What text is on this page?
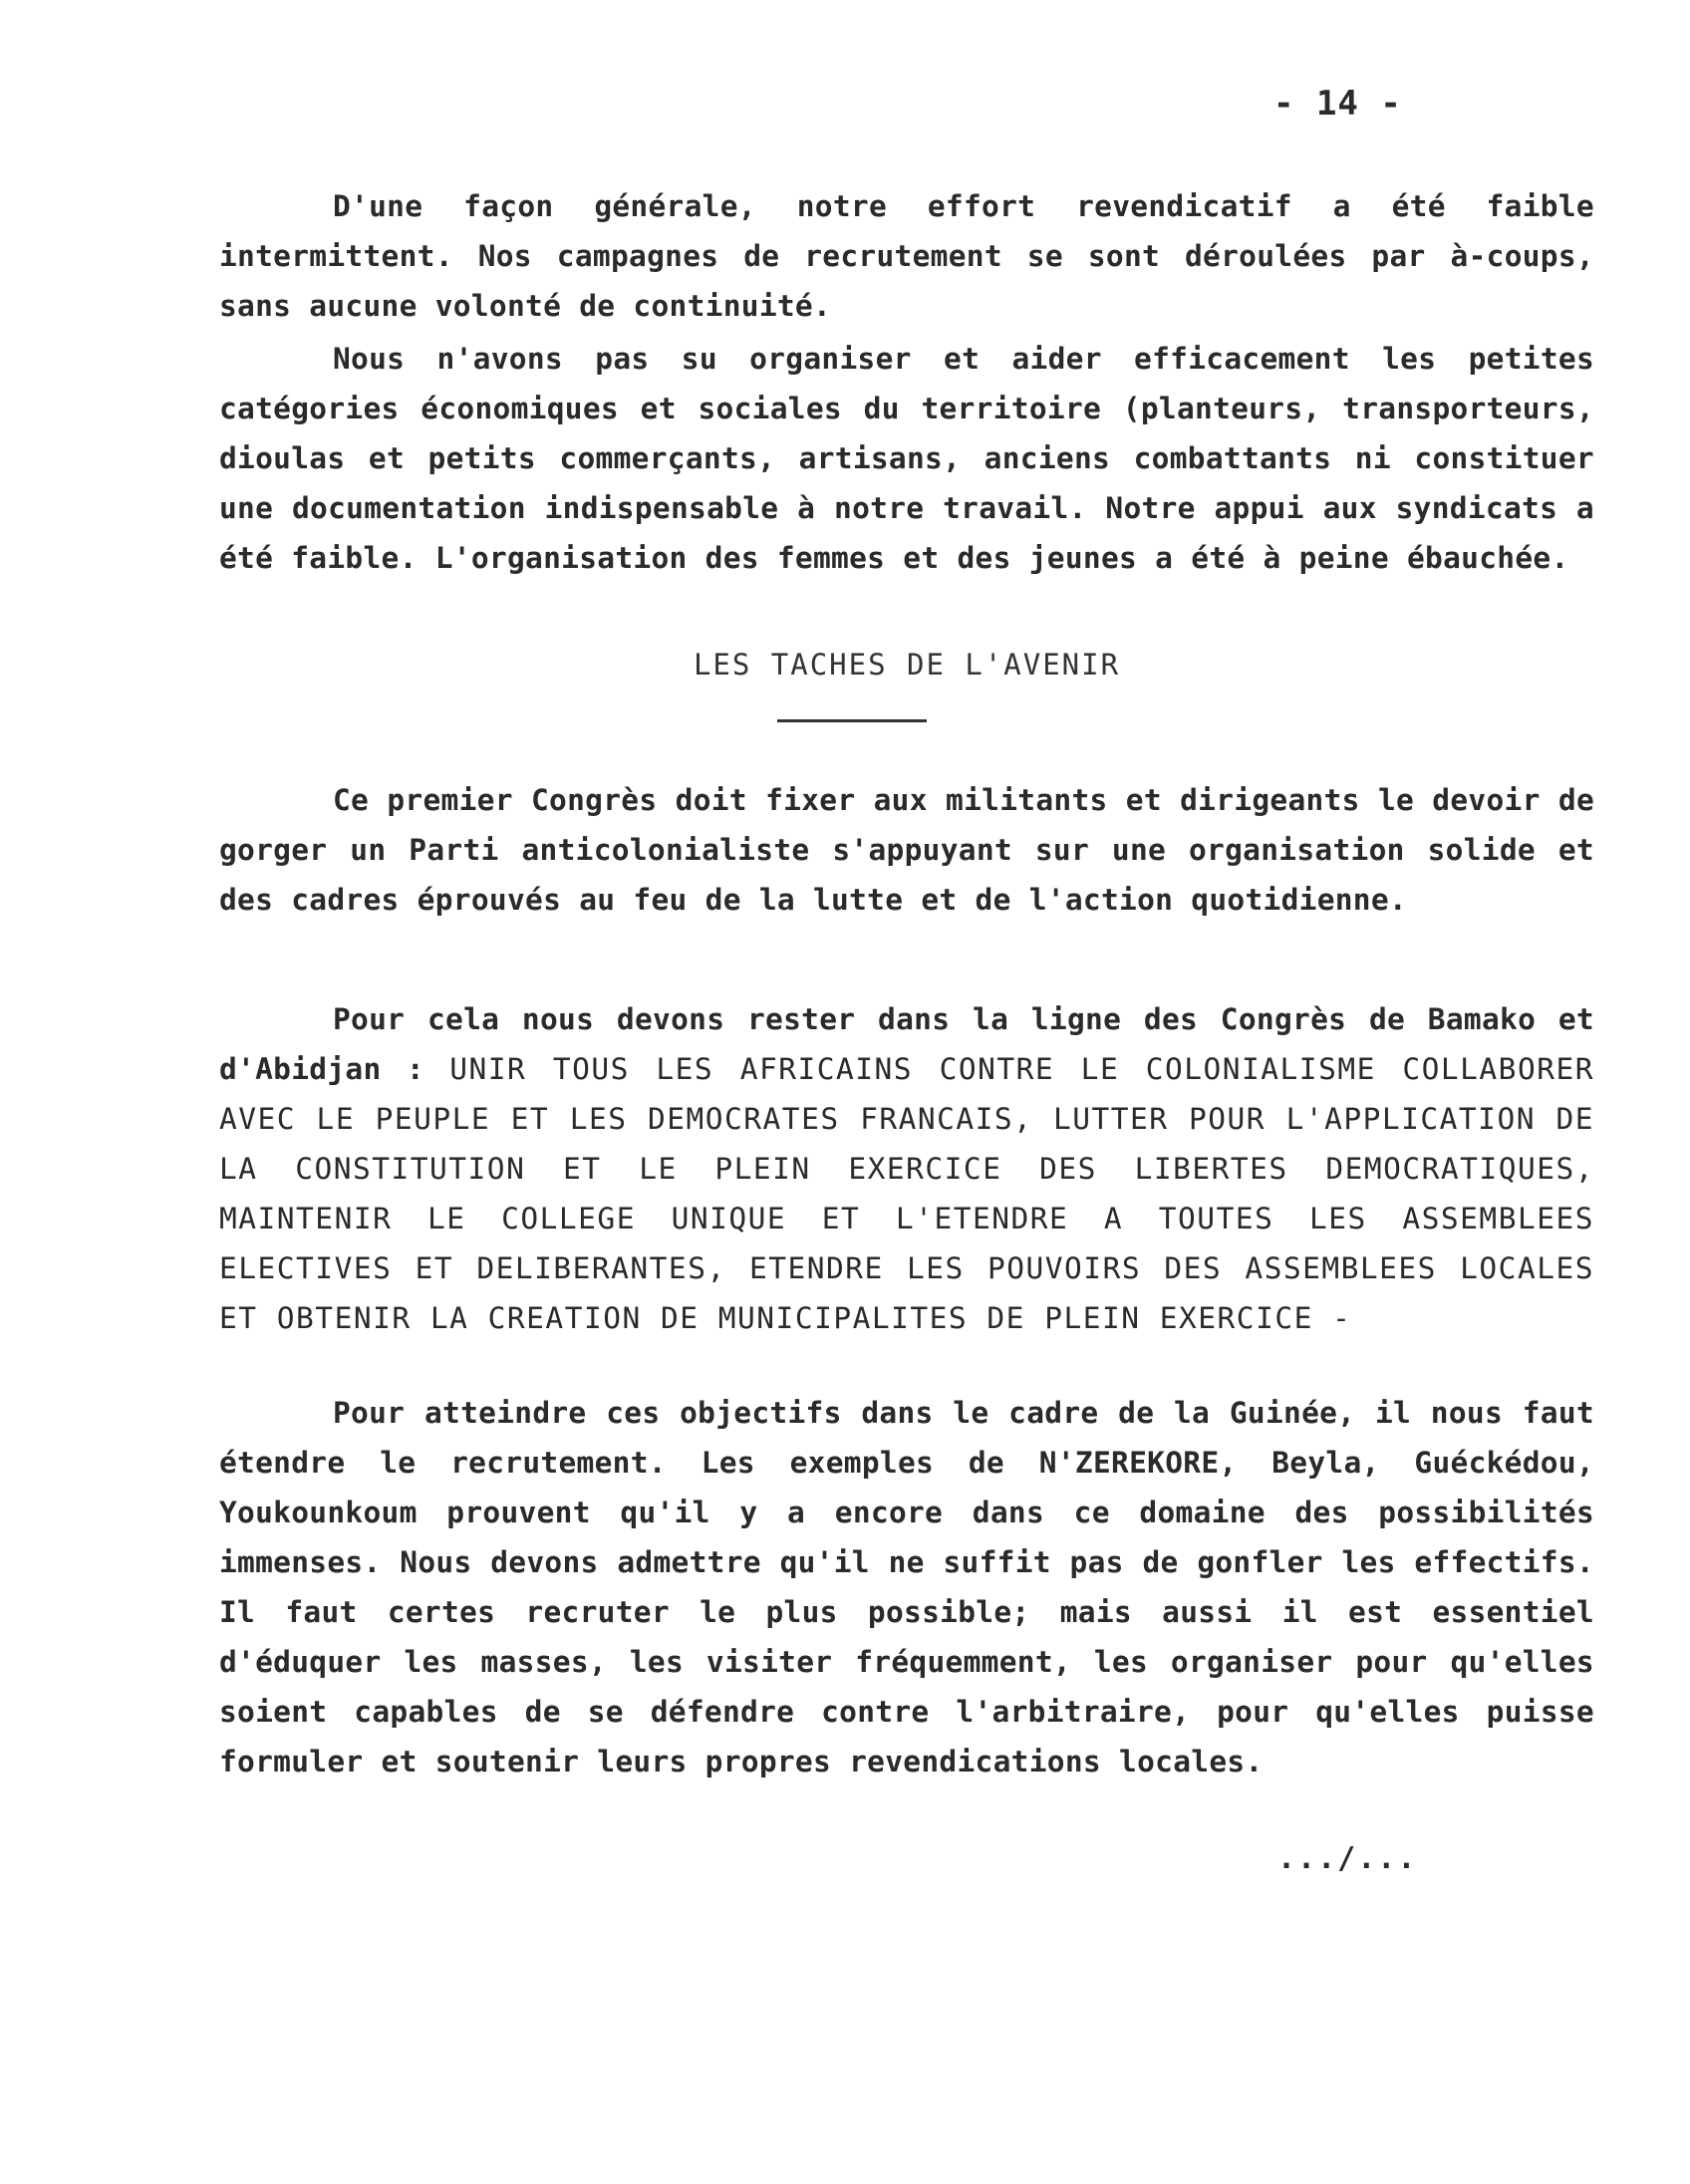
- 14 -

D'une façon générale, notre effort revendicatif a été faible intermittent. Nos campagnes de recrutement se sont déroulées par à-coups, sans aucune volonté de continuité.

Nous n'avons pas su organiser et aider efficacement les petites catégories économiques et sociales du territoire (planteurs, transporteurs, dioulas et petits commerçants, artisans, anciens combattants ni constituer une documentation indispensable à notre travail. Notre appui aux syndicats a été faible. L'organisation des femmes et des jeunes a été à peine ébauchée.

LES TACHES DE L'AVENIR

Ce premier Congrès doit fixer aux militants et dirigeants le devoir de gorger un Parti anticolonialiste s'appuyant sur une organisation solide et des cadres éprouvés au feu de la lutte et de l'action quotidienne.

Pour cela nous devons rester dans la ligne des Congrès de Bamako et d'Abidjan : UNIR TOUS LES AFRICAINS CONTRE LE COLONIALISME COLLABORER AVEC LE PEUPLE ET LES DEMOCRATES FRANCAIS, LUTTER POUR L'APPLICATION DE LA CONSTITUTION ET LE PLEIN EXERCICE DES LIBERTES DEMOCRATIQUES, MAINTENIR LE COLLEGE UNIQUE ET L'ETENDRE A TOUTES LES ASSEMBLEES ELECTIVES ET DELIBERANTES, ETENDRE LES POUVOIRS DES ASSEMBLEES LOCALES ET OBTENIR LA CREATION DE MUNICIPALITES DE PLEIN EXERCICE -

Pour atteindre ces objectifs dans le cadre de la Guinée, il nous faut étendre le recrutement. Les exemples de N'ZEREKORE, Beyla, Guéckédou, Youkounkoum prouvent qu'il y a encore dans ce domaine des possibilités immenses. Nous devons admettre qu'il ne suffit pas de gonfler les effectifs. Il faut certes recruter le plus possible; mais aussi il est essentiel d'éduquer les masses, les visiter fréquemment, les organiser pour qu'elles soient capables de se défendre contre l'arbitraire, pour qu'elles puisse formuler et soutenir leurs propres revendications locales.

.../...
